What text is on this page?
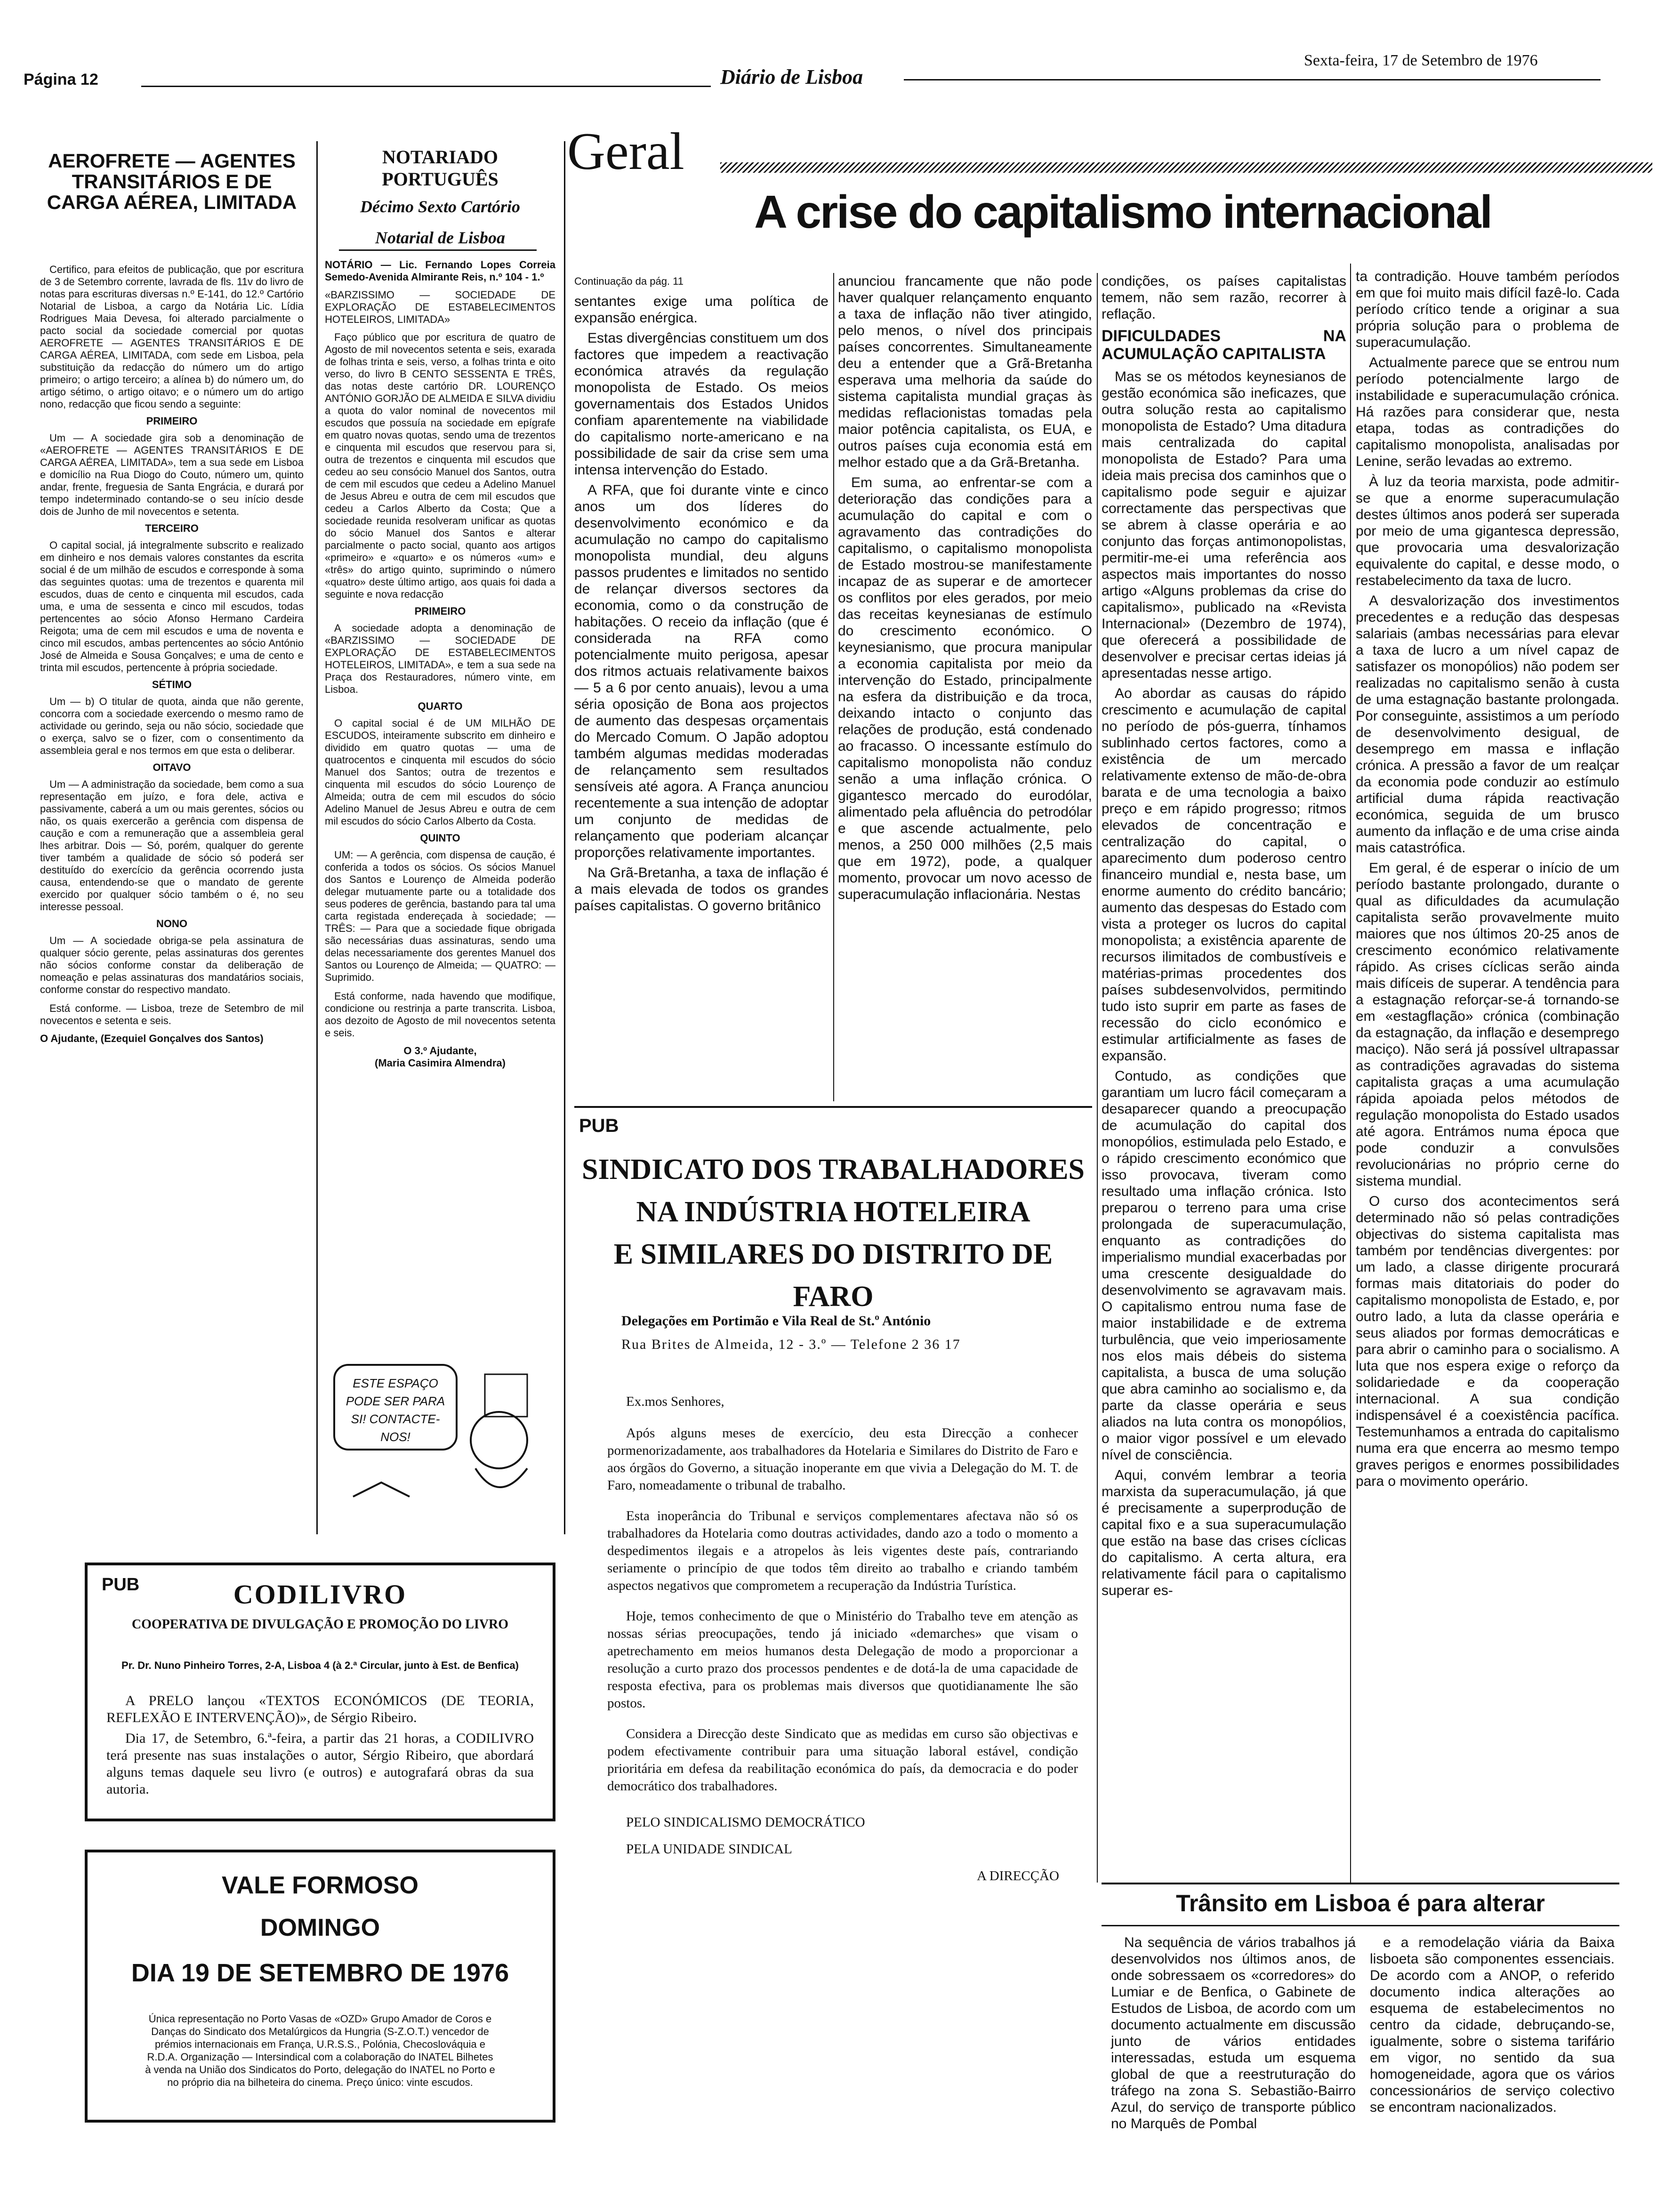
Página 12	Diário de Lisboa
Sexta-feira, 17 de Setembro de 1976
AEROFRETE — AGENTES TRANSITÁRIOS E DE CARGA AÉREA, LIMITADA

Certifico, para efeitos de publicação, que por escritura de 3 de Setembro corrente, lavrada de fls. 11v do livro de notas para escrituras diversas n.º E-141, do 12.º Cartório Notarial de Lisboa, a cargo da Notária Lic. Lídia Rodrigues Maia Devesa, foi alterado parcialmente o pacto social da sociedade comercial por quotas AEROFRETE — AGENTES TRANSITÁRIOS E DE CARGA AÉREA, LIMITADA, com sede em Lisboa, pela substituição da redacção do número um do artigo primeiro; o artigo terceiro; a alínea b) do número um, do artigo sétimo, o artigo oitavo; e o número um do artigo nono, redacção que ficou sendo a seguinte:

PRIMEIRO

Um — A sociedade gira sob a denominação de «AEROFRETE — AGENTES TRANSITÁRIOS E DE CARGA AÉREA, LIMITADA», tem a sua sede em Lisboa e domicílio na Rua Diogo do Couto, número um, quinto andar, frente, freguesia de Santa Engrácia, e durará por tempo indeterminado contando-se o seu início desde dois de Junho de mil novecentos e setenta.

TERCEIRO

O capital social, já integralmente subscrito e realizado em dinheiro e nos demais valores constantes da escrita social é de um milhão de escudos e corresponde à soma das seguintes quotas: uma de trezentos e quarenta mil escudos, duas de cento e cinquenta mil escudos, cada uma, e uma de sessenta e cinco mil escudos, todas pertencentes ao sócio Afonso Hermano Cardeira Reigota; uma de cem mil escudos e uma de noventa e cinco mil escudos, ambas pertencentes ao sócio António José de Almeida e Sousa Gonçalves; e uma de cento e trinta mil escudos, pertencente à própria sociedade.

SÉTIMO

Um — b) O titular de quota, ainda que não gerente, concorra com a sociedade exercendo o mesmo ramo de actividade ou gerindo, seja ou não sócio, sociedade que o exerça, salvo se o fizer, com o consentimento da assembleia geral e nos termos em que esta o deliberar.

OITAVO

Um — A administração da sociedade, bem como a sua representação em juízo, e fora dele, activa e passivamente, caberá a um ou mais gerentes, sócios ou não, os quais exercerão a gerência com dispensa de caução e com a remuneração que a assembleia geral lhes arbitrar. Dois — Só, porém, qualquer do gerente tiver também a qualidade de sócio só poderá ser destituído do exercício da gerência ocorrendo justa causa, entendendo-se que o mandato de gerente exercido por qualquer sócio também o é, no seu interesse pessoal.

NONO

Um — A sociedade obriga-se pela assinatura de qualquer sócio gerente, pelas assinaturas dos gerentes não sócios conforme constar da deliberação de nomeação e pelas assinaturas dos mandatários sociais, conforme constar do respectivo mandato.

Está conforme. — Lisboa, treze de Setembro de mil novecentos e setenta e seis.

O Ajudante, (Ezequiel Gonçalves dos Santos)

NOTARIADO PORTUGUÊS
Décimo Sexto Cartório
Notarial de Lisboa

NOTÁRIO — Lic. Fernando Lopes Correia Semedo-Avenida Almirante Reis, n.º 104 - 1.º

«BARZISSIMO — SOCIEDADE DE EXPLORAÇÃO DE ESTABELECIMENTOS HOTELEIROS, LIMITADA»

Faço público que por escritura de quatro de Agosto de mil novecentos setenta e seis, exarada de folhas trinta e seis, verso, a folhas trinta e oito verso, do livro B CENTO SESSENTA E TRÊS, das notas deste cartório DR. LOURENÇO ANTÓNIO GORJÃO DE ALMEIDA E SILVA dividiu a quota do valor nominal de novecentos mil escudos que possuía na sociedade em epígrafe em quatro novas quotas, sendo uma de trezentos e cinquenta mil escudos que reservou para si, outra de trezentos e cinquenta mil escudos que cedeu ao seu consócio Manuel dos Santos, outra de cem mil escudos que cedeu a Adelino Manuel de Jesus Abreu e outra de cem mil escudos que cedeu a Carlos Alberto da Costa; Que a sociedade reunida resolveram unificar as quotas do sócio Manuel dos Santos e alterar parcialmente o pacto social, quanto aos artigos «primeiro» e «quarto» e os números «um» e «três» do artigo quinto, suprimindo o número «quatro» deste último artigo, aos quais foi dada a seguinte e nova redacção

PRIMEIRO

A sociedade adopta a denominação de «BARZISSIMO — SOCIEDADE DE EXPLORAÇÃO DE ESTABELECIMENTOS HOTELEIROS, LIMITADA», e tem a sua sede na Praça dos Restauradores, número vinte, em Lisboa.

QUARTO

O capital social é de UM MILHÃO DE ESCUDOS, inteiramente subscrito em dinheiro e dividido em quatro quotas — uma de quatrocentos e cinquenta mil escudos do sócio Manuel dos Santos; outra de trezentos e cinquenta mil escudos do sócio Lourenço de Almeida; outra de cem mil escudos do sócio Adelino Manuel de Jesus Abreu e outra de cem mil escudos do sócio Carlos Alberto da Costa.

QUINTO

UM: — A gerência, com dispensa de caução, é conferida a todos os sócios. Os sócios Manuel dos Santos e Lourenço de Almeida poderão delegar mutuamente parte ou a totalidade dos seus poderes de gerência, bastando para tal uma carta registada endereçada à sociedade; — TRÊS: — Para que a sociedade fique obrigada são necessárias duas assinaturas, sendo uma delas necessariamente dos gerentes Manuel dos Santos ou Lourenço de Almeida; — QUATRO: — Suprimido.

Está conforme, nada havendo que modifique, condicione ou restrinja a parte transcrita. Lisboa, aos dezoito de Agosto de mil novecentos setenta e seis.

O 3.º Ajudante,

(Maria Casimira Almendra)

ESTE ESPAÇO PODE SER PARA SI! CONTACTE-NOS!
Geral
A crise do capitalismo internacional

Continuação da pág. 11

sentantes exige uma política de expansão enérgica.

Estas divergências constituem um dos factores que impedem a reactivação económica através da regulação monopolista de Estado. Os meios governamentais dos Estados Unidos confiam aparentemente na viabilidade do capitalismo norte-americano e na possibilidade de sair da crise sem uma intensa intervenção do Estado.

A RFA, que foi durante vinte e cinco anos um dos líderes do desenvolvimento económico e da acumulação no campo do capitalismo monopolista mundial, deu alguns passos prudentes e limitados no sentido de relançar diversos sectores da economia, como o da construção de habitações. O receio da inflação (que é considerada na RFA como potencialmente muito perigosa, apesar dos ritmos actuais relativamente baixos — 5 a 6 por cento anuais), levou a uma séria oposição de Bona aos projectos de aumento das despesas orçamentais do Mercado Comum. O Japão adoptou também algumas medidas moderadas de relançamento sem resultados sensíveis até agora. A França anunciou recentemente a sua intenção de adoptar um conjunto de medidas de relançamento que poderiam alcançar proporções relativamente importantes.

Na Grã-Bretanha, a taxa de inflação é a mais elevada de todos os grandes países capitalistas. O governo britânico

anunciou francamente que não pode haver qualquer relançamento enquanto a taxa de inflação não tiver atingido, pelo menos, o nível dos principais países concorrentes. Simultaneamente deu a entender que a Grã-Bretanha esperava uma melhoria da saúde do sistema capitalista mundial graças às medidas reflacionistas tomadas pela maior potência capitalista, os EUA, e outros países cuja economia está em melhor estado que a da Grã-Bretanha.

Em suma, ao enfrentar-se com a deterioração das condições para a acumulação do capital e com o agravamento das contradições do capitalismo, o capitalismo monopolista de Estado mostrou-se manifestamente incapaz de as superar e de amortecer os conflitos por eles gerados, por meio das receitas keynesianas de estímulo do crescimento económico. O keynesianismo, que procura manipular a economia capitalista por meio da intervenção do Estado, principalmente na esfera da distribuição e da troca, deixando intacto o conjunto das relações de produção, está condenado ao fracasso. O incessante estímulo do capitalismo monopolista não conduz senão a uma inflação crónica. O gigantesco mercado do eurodólar, alimentado pela afluência do petrodólar e que ascende actualmente, pelo menos, a 250 000 milhões (2,5 mais que em 1972), pode, a qualquer momento, provocar um novo acesso de superacumulação inflacionária. Nestas

condições, os países capitalistas temem, não sem razão, recorrer à reflação.

DIFICULDADES NA ACUMULAÇÃO CAPITALISTA

Mas se os métodos keynesianos de gestão económica são ineficazes, que outra solução resta ao capitalismo monopolista de Estado? Uma ditadura mais centralizada do capital monopolista de Estado? Para uma ideia mais precisa dos caminhos que o capitalismo pode seguir e ajuizar correctamente das perspectivas que se abrem à classe operária e ao conjunto das forças antimonopolistas, permitir-me-ei uma referência aos aspectos mais importantes do nosso artigo «Alguns problemas da crise do capitalismo», publicado na «Revista Internacional» (Dezembro de 1974), que oferecerá a possibilidade de desenvolver e precisar certas ideias já apresentadas nesse artigo.

Ao abordar as causas do rápido crescimento e acumulação de capital no período de pós-guerra, tínhamos sublinhado certos factores, como a existência de um mercado relativamente extenso de mão-de-obra barata e de uma tecnologia a baixo preço e em rápido progresso; ritmos elevados de concentração e centralização do capital, o aparecimento dum poderoso centro financeiro mundial e, nesta base, um enorme aumento do crédito bancário; aumento das despesas do Estado com vista a proteger os lucros do capital monopolista; a existência aparente de recursos ilimitados de combustíveis e matérias-primas procedentes dos países subdesenvolvidos, permitindo tudo isto suprir em parte as fases de recessão do ciclo económico e estimular artificialmente as fases de expansão.

Contudo, as condições que garantiam um lucro fácil começaram a desaparecer quando a preocupação de acumulação do capital dos monopólios, estimulada pelo Estado, e o rápido crescimento económico que isso provocava, tiveram como resultado uma inflação crónica. Isto preparou o terreno para uma crise prolongada de superacumulação, enquanto as contradições do imperialismo mundial exacerbadas por uma crescente desigualdade do desenvolvimento se agravavam mais. O capitalismo entrou numa fase de maior instabilidade e de extrema turbulência, que veio imperiosamente nos elos mais débeis do sistema capitalista, a busca de uma solução que abra caminho ao socialismo e, da parte da classe operária e seus aliados na luta contra os monopólios, o maior vigor possível e um elevado nível de consciência.

Aqui, convém lembrar a teoria marxista da superacumulação, já que é precisamente a superprodução de capital fixo e a sua superacumulação que estão na base das crises cíclicas do capitalismo. A certa altura, era relativamente fácil para o capitalismo superar es-

ta contradição. Houve também períodos em que foi muito mais difícil fazê-lo. Cada período crítico tende a originar a sua própria solução para o problema de superacumulação.

Actualmente parece que se entrou num período potencialmente largo de instabilidade e superacumulação crónica. Há razões para considerar que, nesta etapa, todas as contradições do capitalismo monopolista, analisadas por Lenine, serão levadas ao extremo.

À luz da teoria marxista, pode admitir-se que a enorme superacumulação destes últimos anos poderá ser superada por meio de uma gigantesca depressão, que provocaria uma desvalorização equivalente do capital, e desse modo, o restabelecimento da taxa de lucro.

A desvalorização dos investimentos precedentes e a redução das despesas salariais (ambas necessárias para elevar a taxa de lucro a um nível capaz de satisfazer os monopólios) não podem ser realizadas no capitalismo senão à custa de uma estagnação bastante prolongada. Por conseguinte, assistimos a um período de desenvolvimento desigual, de desemprego em massa e inflação crónica. A pressão a favor de um realçar da economia pode conduzir ao estímulo artificial duma rápida reactivação económica, seguida de um brusco aumento da inflação e de uma crise ainda mais catastrófica.

Em geral, é de esperar o início de um período bastante prolongado, durante o qual as dificuldades da acumulação capitalista serão provavelmente muito maiores que nos últimos 20-25 anos de crescimento económico relativamente rápido. As crises cíclicas serão ainda mais difíceis de superar. A tendência para a estagnação reforçar-se-á tornando-se em «estagflação» crónica (combinação da estagnação, da inflação e desemprego maciço). Não será já possível ultrapassar as contradições agravadas do sistema capitalista graças a uma acumulação rápida apoiada pelos métodos de regulação monopolista do Estado usados até agora. Entrámos numa época que pode conduzir a convulsões revolucionárias no próprio cerne do sistema mundial.

O curso dos acontecimentos será determinado não só pelas contradições objectivas do sistema capitalista mas também por tendências divergentes: por um lado, a classe dirigente procurará formas mais ditatoriais do poder do capitalismo monopolista de Estado, e, por outro lado, a luta da classe operária e seus aliados por formas democráticas e para abrir o caminho para o socialismo. A luta que nos espera exige o reforço da solidariedade e da cooperação internacional. A sua condição indispensável é a coexistência pacífica. Testemunhamos a entrada do capitalismo numa era que encerra ao mesmo tempo graves perigos e enormes possibilidades para o movimento operário.

PUB
SINDICATO DOS TRABALHADORES
NA INDÚSTRIA HOTELEIRA
E SIMILARES DO DISTRITO DE FARO
Delegações em Portimão e Vila Real de St.º António
Rua Brites de Almeida, 12 - 3.º — Telefone 2 36 17

Ex.mos Senhores,

Após alguns meses de exercício, deu esta Direcção a conhecer pormenorizadamente, aos trabalhadores da Hotelaria e Similares do Distrito de Faro e aos órgãos do Governo, a situação inoperante em que vivia a Delegação do M. T. de Faro, nomeadamente o tribunal de trabalho.

Esta inoperância do Tribunal e serviços complementares afectava não só os trabalhadores da Hotelaria como doutras actividades, dando azo a todo o momento a despedimentos ilegais e a atropelos às leis vigentes deste país, contrariando seriamente o princípio de que todos têm direito ao trabalho e criando também aspectos negativos que comprometem a recuperação da Indústria Turística.

Hoje, temos conhecimento de que o Ministério do Trabalho teve em atenção as nossas sérias preocupações, tendo já iniciado «demarches» que visam o apetrechamento em meios humanos desta Delegação de modo a proporcionar a resolução a curto prazo dos processos pendentes e de dotá-la de uma capacidade de resposta efectiva, para os problemas mais diversos que quotidianamente lhe são postos.

Considera a Direcção deste Sindicato que as medidas em curso são objectivas e podem efectivamente contribuir para uma situação laboral estável, condição prioritária em defesa da reabilitação económica do país, da democracia e do poder democrático dos trabalhadores.

PELO SINDICALISMO DEMOCRÁTICO

PELA UNIDADE SINDICAL

A DIRECÇÃO

PUB	CODILIVRO
COOPERATIVA DE DIVULGAÇÃO E PROMOÇÃO DO LIVRO
Pr. Dr. Nuno Pinheiro Torres, 2-A, Lisboa 4 (à 2.ª Circular, junto à Est. de Benfica)

A PRELO lançou «TEXTOS ECONÓMICOS (DE TEORIA, REFLEXÃO E INTERVENÇÃO)», de Sérgio Ribeiro.

Dia 17, de Setembro, 6.ª-feira, a partir das 21 horas, a CODILIVRO terá presente nas suas instalações o autor, Sérgio Ribeiro, que abordará alguns temas daquele seu livro (e outros) e autografará obras da sua autoria.

VALE FORMOSO
DOMINGO
DIA 19 DE SETEMBRO DE 1976
Única representação no Porto Vasas de «OZD» Grupo Amador de Coros e Danças do Sindicato dos Metalúrgicos da Hungria (S-Z.O.T.) vencedor de prémios internacionais em França, U.R.S.S., Polónia, Checoslováquia e R.D.A. Organização — Intersindical com a colaboração do INATEL Bilhetes à venda na União dos Sindicatos do Porto, delegação do INATEL no Porto e no próprio dia na bilheteira do cinema. Preço único: vinte escudos.
Trânsito em Lisboa é para alterar
Na sequência de vários trabalhos já desenvolvidos nos últimos anos, de onde sobressaem os «corredores» do Lumiar e de Benfica, o Gabinete de Estudos de Lisboa, de acordo com um documento actualmente em discussão junto de vários entidades interessadas, estuda um esquema global de que a reestruturação do tráfego na zona S. Sebastião-Bairro Azul, do serviço de transporte público no Marquês de Pombal
e a remodelação viária da Baixa lisboeta são componentes essenciais. De acordo com a ANOP, o referido documento indica alterações ao esquema de estabelecimentos no centro da cidade, debruçando-se, igualmente, sobre o sistema tarifário em vigor, no sentido da sua homogeneidade, agora que os vários concessionários de serviço colectivo se encontram nacionalizados.
